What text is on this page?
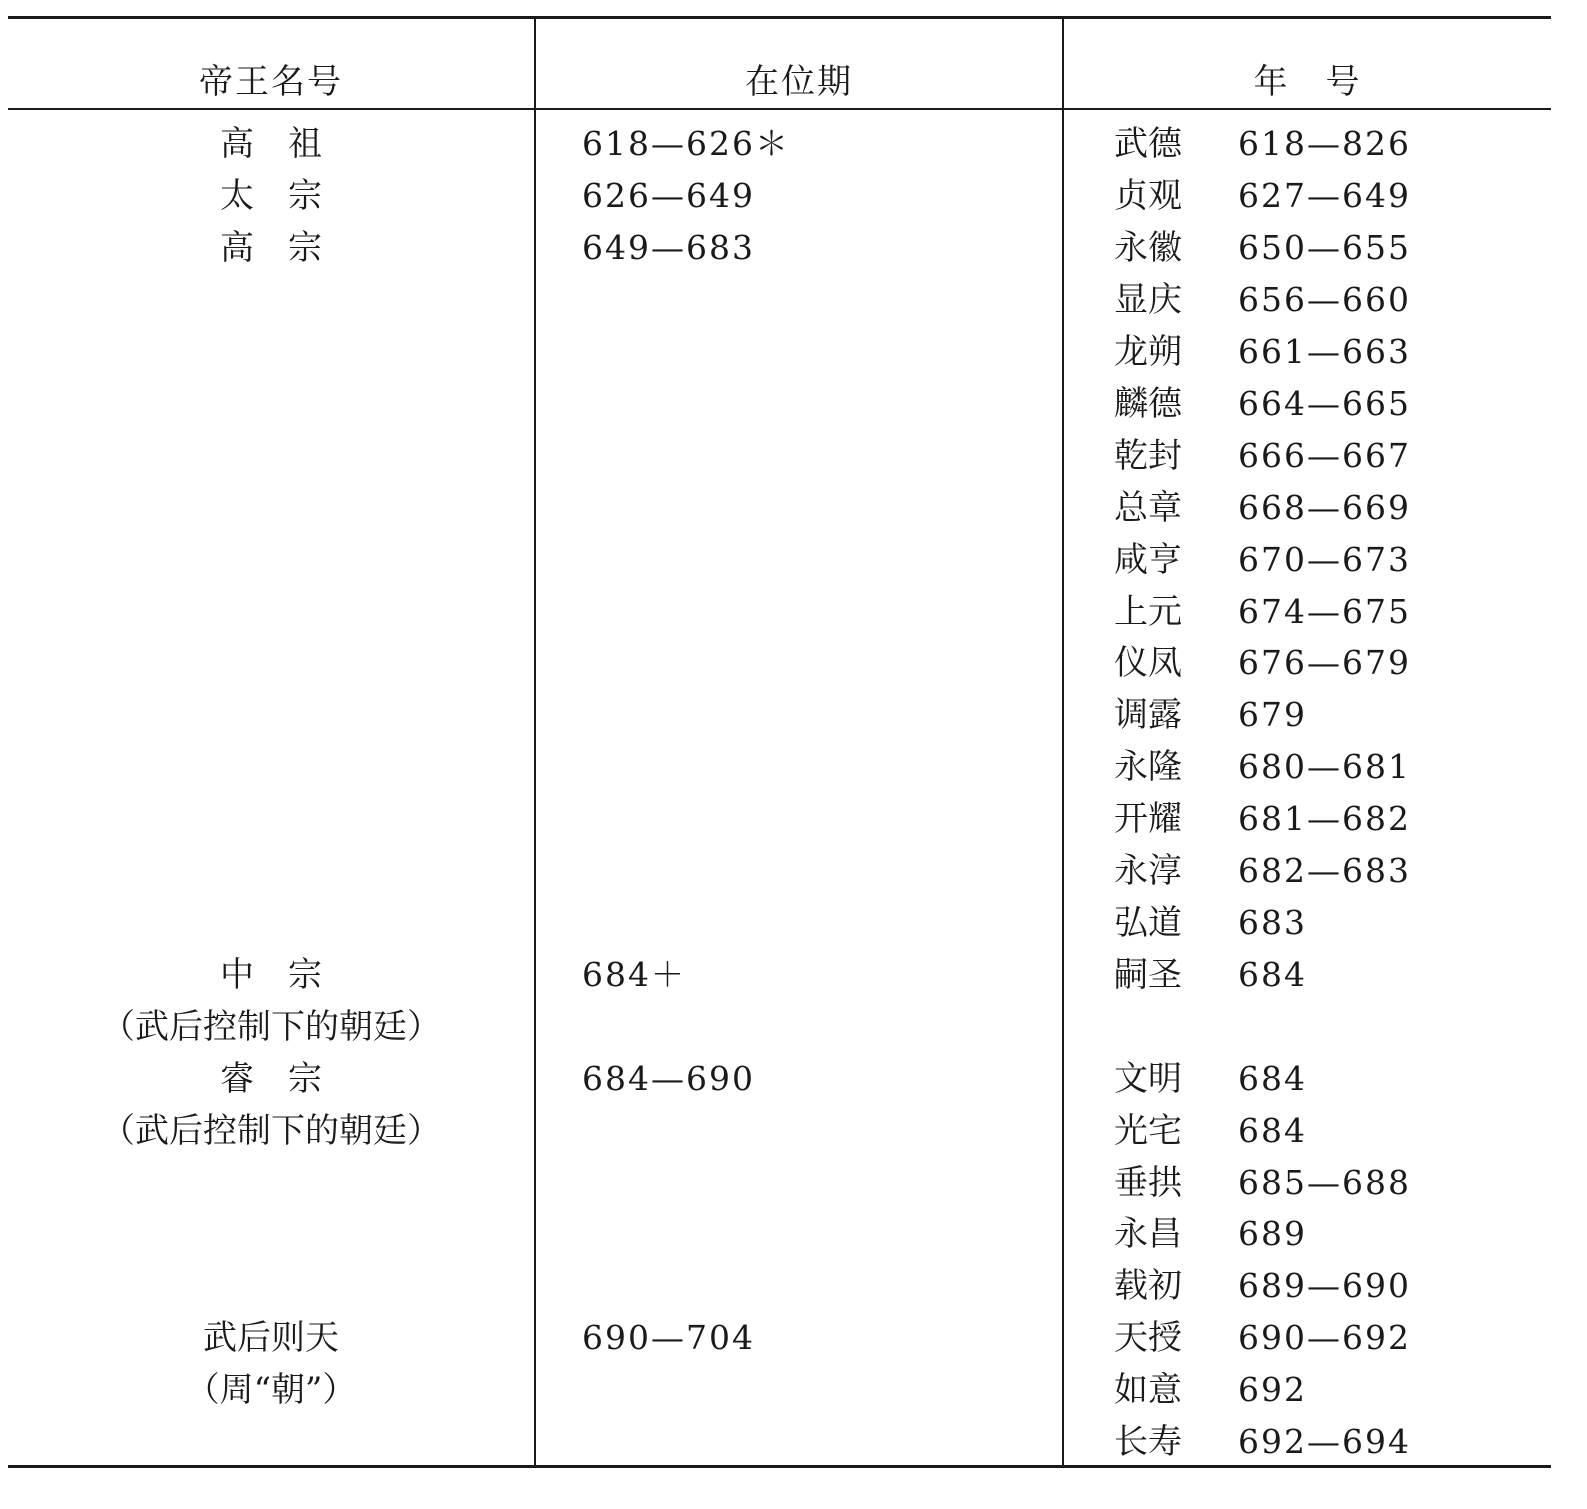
帝王名号	在位期	年　号
高　祖
太　宗
高　宗
中　宗
（武后控制下的朝廷）
睿　宗
（武后控制下的朝廷）
武后则天
（周“朝”）
618—626＊
626—649
649—683
684＋
684—690
690—704
武德 618—826
贞观 627—649
永徽 650—655
显庆 656—660
龙朔 661—663
麟德 664—665
乾封 666—667
总章 668—669
咸亨 670—673
上元 674—675
仪凤 676—679
调露 679
永隆 680—681
开耀 681—682
永淳 682—683
弘道 683
嗣圣 684
文明 684
光宅 684
垂拱 685—688
永昌 689
载初 689—690
天授 690—692
如意 692
长寿 692—694
